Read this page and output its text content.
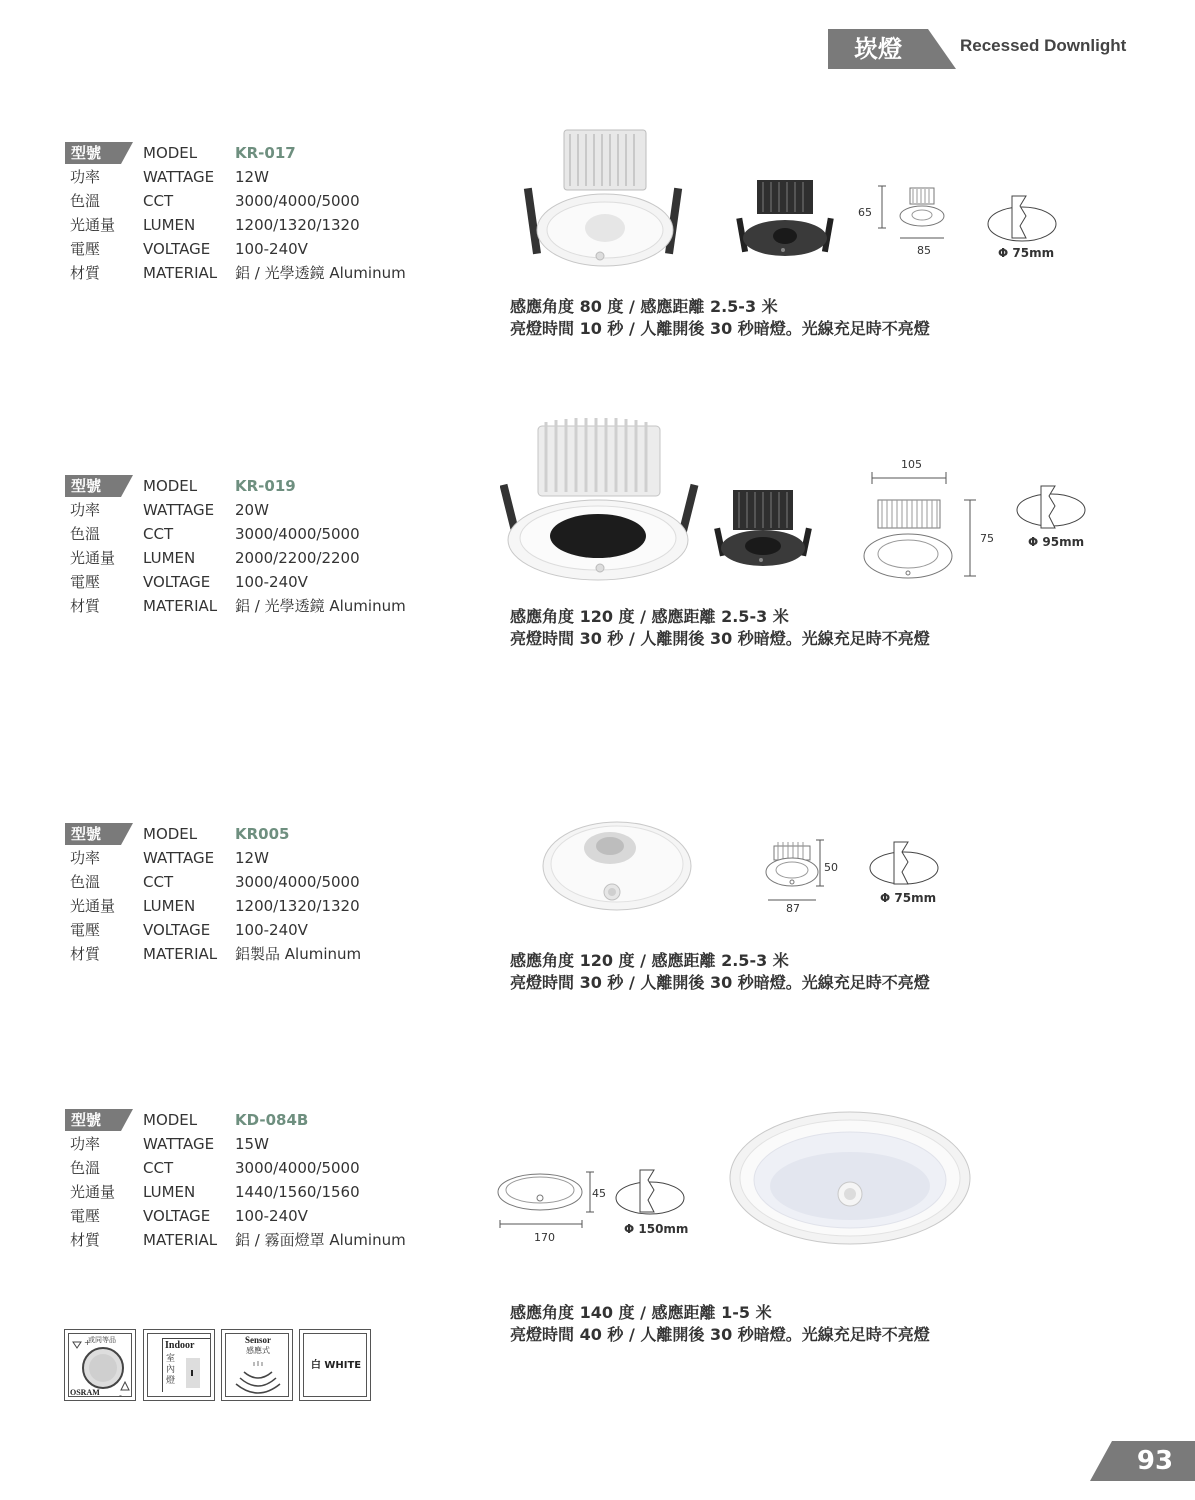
崁燈	Recessed Downlight
型號	MODEL	KR-017
功率	WATTAGE 12W
色溫	CCT	3000/4000/5000
光通量	LUMEN	1200/1320/1320
電壓	VOLTAGE 100-240V
材質	MATERIAL 鋁 / 光學透鏡 Aluminum
65
85	Φ 75mm
感應角度 80 度 / 感應距離 2.5-3 米
亮燈時間 10 秒 / 人離開後 30 秒暗燈。光線充足時不亮燈
型號	MODEL	KR-019
功率	WATTAGE 20W
色溫	CCT	3000/4000/5000
光通量	LUMEN	2000/2200/2200
電壓	VOLTAGE 100-240V
材質	MATERIAL 鋁 / 光學透鏡 Aluminum
105
75	Φ 95mm
感應角度 120 度 / 感應距離 2.5-3 米
亮燈時間 30 秒 / 人離開後 30 秒暗燈。光線充足時不亮燈
型號	MODEL	KR005
功率	WATTAGE 12W
色溫	CCT	3000/4000/5000
光通量	LUMEN	1200/1320/1320
電壓	VOLTAGE 100-240V
材質	MATERIAL 鋁製品 Aluminum
50
87
Φ 75mm
感應角度 120 度 / 感應距離 2.5-3 米
亮燈時間 30 秒 / 人離開後 30 秒暗燈。光線充足時不亮燈
型號	MODEL	KD-084B
功率	WATTAGE 15W
色溫	CCT	3000/4000/5000
光通量	LUMEN	1440/1560/1560
電壓	VOLTAGE 100-240V
材質	MATERIAL 鋁 / 霧面燈罩 Aluminum
45
170
Φ 150mm
感應角度 140 度 / 感應距離 1-5 米
亮燈時間 40 秒 / 人離開後 30 秒暗燈。光線充足時不亮燈
+
-
或同等品
OSRAM
Indoor
室
內
燈
Sensor
感應式
白 WHITE
93
